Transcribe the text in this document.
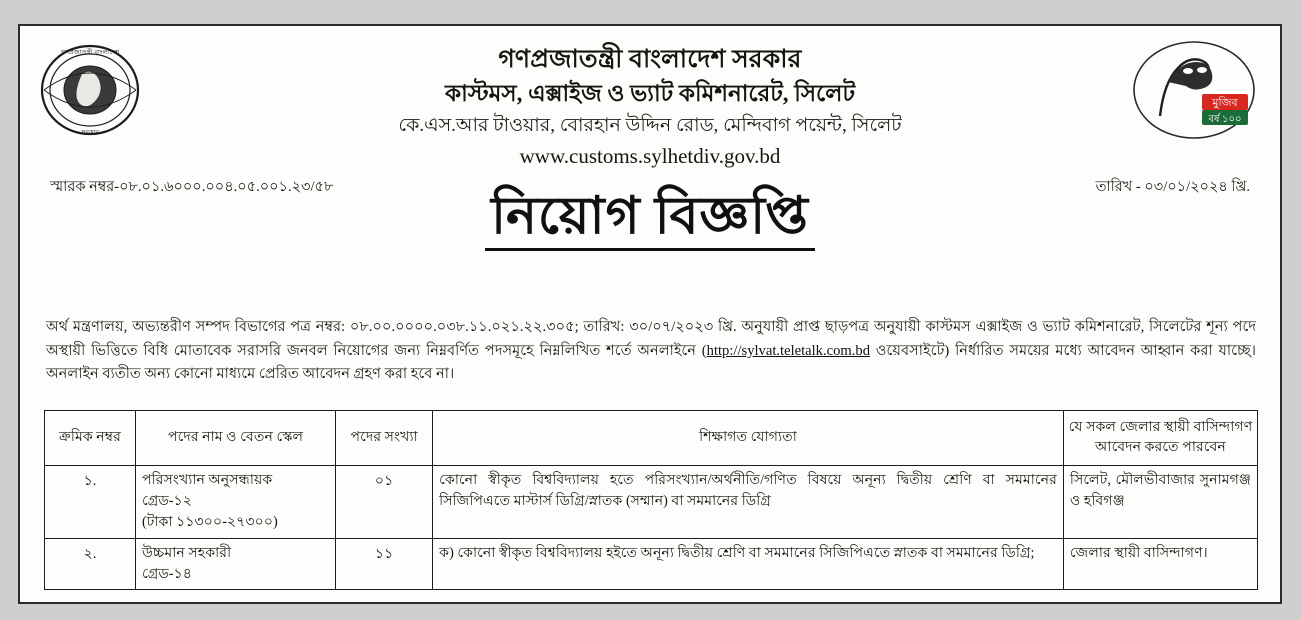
গণপ্রজাতন্ত্রী বাংলাদেশ
সরকার
মুজিব
বর্ষ ১০০
গণপ্রজাতন্ত্রী বাংলাদেশ সরকার
কাস্টমস, এক্সাইজ ও ভ্যাট কমিশনারেট, সিলেট
কে.এস.আর টাওয়ার, বোরহান উদ্দিন রোড, মেন্দিবাগ পয়েন্ট, সিলেট
www.customs.sylhetdiv.gov.bd
স্মারক নম্বর-০৮.০১.৬০০০.০০৪.০৫.০০১.২৩/৫৮	তারিখ - ০৩/০১/২০২৪ খ্রি.
নিয়োগ বিজ্ঞপ্তি
অর্থ মন্ত্রণালয়, অভ্যন্তরীণ সম্পদ বিভাগের পত্র নম্বর: ০৮.০০.০০০০.০৩৮.১১.০২১.২২.৩০৫; তারিখ: ৩০/০৭/২০২৩ খ্রি. অনুযায়ী প্রাপ্ত ছাড়পত্র অনুযায়ী কাস্টমস এক্সাইজ ও ভ্যাট কমিশনারেট, সিলেটের শূন্য পদে অস্থায়ী ভিত্তিতে বিধি মোতাবেক সরাসরি জনবল নিয়োগের জন্য নিম্নবর্ণিত পদসমূহে নিম্নলিখিত শর্তে অনলাইনে (http://sylvat.teletalk.com.bd ওয়েবসাইটে) নির্ধারিত সময়ের মধ্যে আবেদন আহ্বান করা যাচ্ছে। অনলাইন ব্যতীত অন্য কোনো মাধ্যমে প্রেরিত আবেদন গ্রহণ করা হবে না।
ক্রমিক নম্বর	পদের নাম ও বেতন স্কেল	পদের সংখ্যা	শিক্ষাগত যোগ্যতা	যে সকল জেলার স্থায়ী বাসিন্দাগণ আবেদন করতে পারবেন
১.	পরিসংখ্যান অনুসন্ধায়ক
গ্রেড-১২
(টাকা ১১৩০০-২৭৩০০)	০১	কোনো স্বীকৃত বিশ্ববিদ্যালয় হতে পরিসংখ্যান/অর্থনীতি/গণিত বিষয়ে অনূন্য দ্বিতীয় শ্রেণি বা সমমানের সিজিপিএতে মাস্টার্স ডিগ্রি/স্নাতক (সম্মান) বা সমমানের ডিগ্রি	সিলেট, মৌলভীবাজার সুনামগঞ্জ ও হবিগঞ্জ
২.	উচ্চমান সহকারী
গ্রেড-১৪	১১	ক) কোনো স্বীকৃত বিশ্ববিদ্যালয় হইতে অনূন্য দ্বিতীয় শ্রেণি বা সমমানের সিজিপিএতে স্নাতক বা সমমানের ডিগ্রি;	জেলার স্থায়ী বাসিন্দাগণ।
